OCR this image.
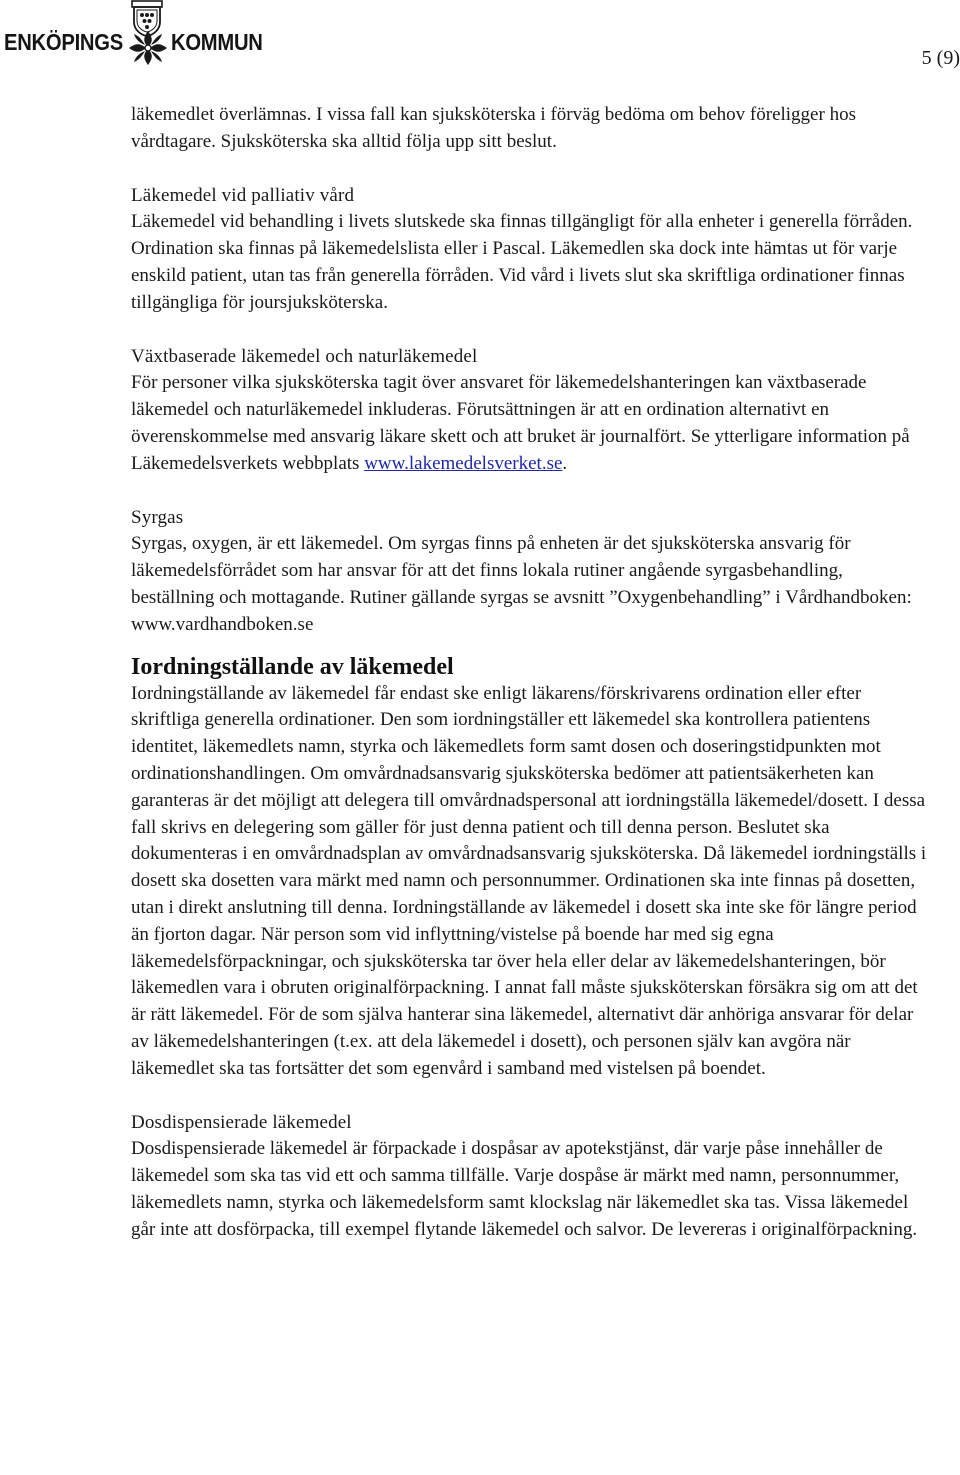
ENKÖPINGS KOMMUN
5 (9)

läkemedlet överlämnas. I vissa fall kan sjuksköterska i förväg bedöma om behov föreligger hos vårdtagare. Sjuksköterska ska alltid följa upp sitt beslut.

Läkemedel vid palliativ vård

Läkemedel vid behandling i livets slutskede ska finnas tillgängligt för alla enheter i generella förråden. Ordination ska finnas på läkemedelslista eller i Pascal. Läkemedlen ska dock inte hämtas ut för varje enskild patient, utan tas från generella förråden. Vid vård i livets slut ska skriftliga ordinationer finnas tillgängliga för joursjuksköterska.

Växtbaserade läkemedel och naturläkemedel

För personer vilka sjuksköterska tagit över ansvaret för läkemedelshanteringen kan växtbaserade läkemedel och naturläkemedel inkluderas. Förutsättningen är att en ordination alternativt en överenskommelse med ansvarig läkare skett och att bruket är journalfört. Se ytterligare information på Läkemedelsverkets webbplats www.lakemedelsverket.se.

Syrgas

Syrgas, oxygen, är ett läkemedel. Om syrgas finns på enheten är det sjuksköterska ansvarig för läkemedelsförrådet som har ansvar för att det finns lokala rutiner angående syrgasbehandling, beställning och mottagande. Rutiner gällande syrgas se avsnitt ”Oxygenbehandling” i Vårdhandboken: www.vardhandboken.se

Iordningställande av läkemedel

Iordningställande av läkemedel får endast ske enligt läkarens/förskrivarens ordination eller efter skriftliga generella ordinationer. Den som iordningställer ett läkemedel ska kontrollera patientens identitet, läkemedlets namn, styrka och läkemedlets form samt dosen och doseringstidpunkten mot ordinationshandlingen. Om omvårdnadsansvarig sjuksköterska bedömer att patientsäkerheten kan garanteras är det möjligt att delegera till omvårdnadspersonal att iordningställa läkemedel/dosett. I dessa fall skrivs en delegering som gäller för just denna patient och till denna person. Beslutet ska dokumenteras i en omvårdnadsplan av omvårdnadsansvarig sjuksköterska. Då läkemedel iordningställs i dosett ska dosetten vara märkt med namn och personnummer. Ordinationen ska inte finnas på dosetten, utan i direkt anslutning till denna. Iordningställande av läkemedel i dosett ska inte ske för längre period än fjorton dagar. När person som vid inflyttning/vistelse på boende har med sig egna läkemedelsförpackningar, och sjuksköterska tar över hela eller delar av läkemedelshanteringen, bör läkemedlen vara i obruten originalförpackning. I annat fall måste sjuksköterskan försäkra sig om att det är rätt läkemedel. För de som själva hanterar sina läkemedel, alternativt där anhöriga ansvarar för delar av läkemedelshanteringen (t.ex. att dela läkemedel i dosett), och personen själv kan avgöra när läkemedlet ska tas fortsätter det som egenvård i samband med vistelsen på boendet.

Dosdispensierade läkemedel

Dosdispensierade läkemedel är förpackade i dospåsar av apotekstjänst, där varje påse innehåller de läkemedel som ska tas vid ett och samma tillfälle. Varje dospåse är märkt med namn, personnummer, läkemedlets namn, styrka och läkemedelsform samt klockslag när läkemedlet ska tas. Vissa läkemedel går inte att dosförpacka, till exempel flytande läkemedel och salvor. De levereras i originalförpackning.
